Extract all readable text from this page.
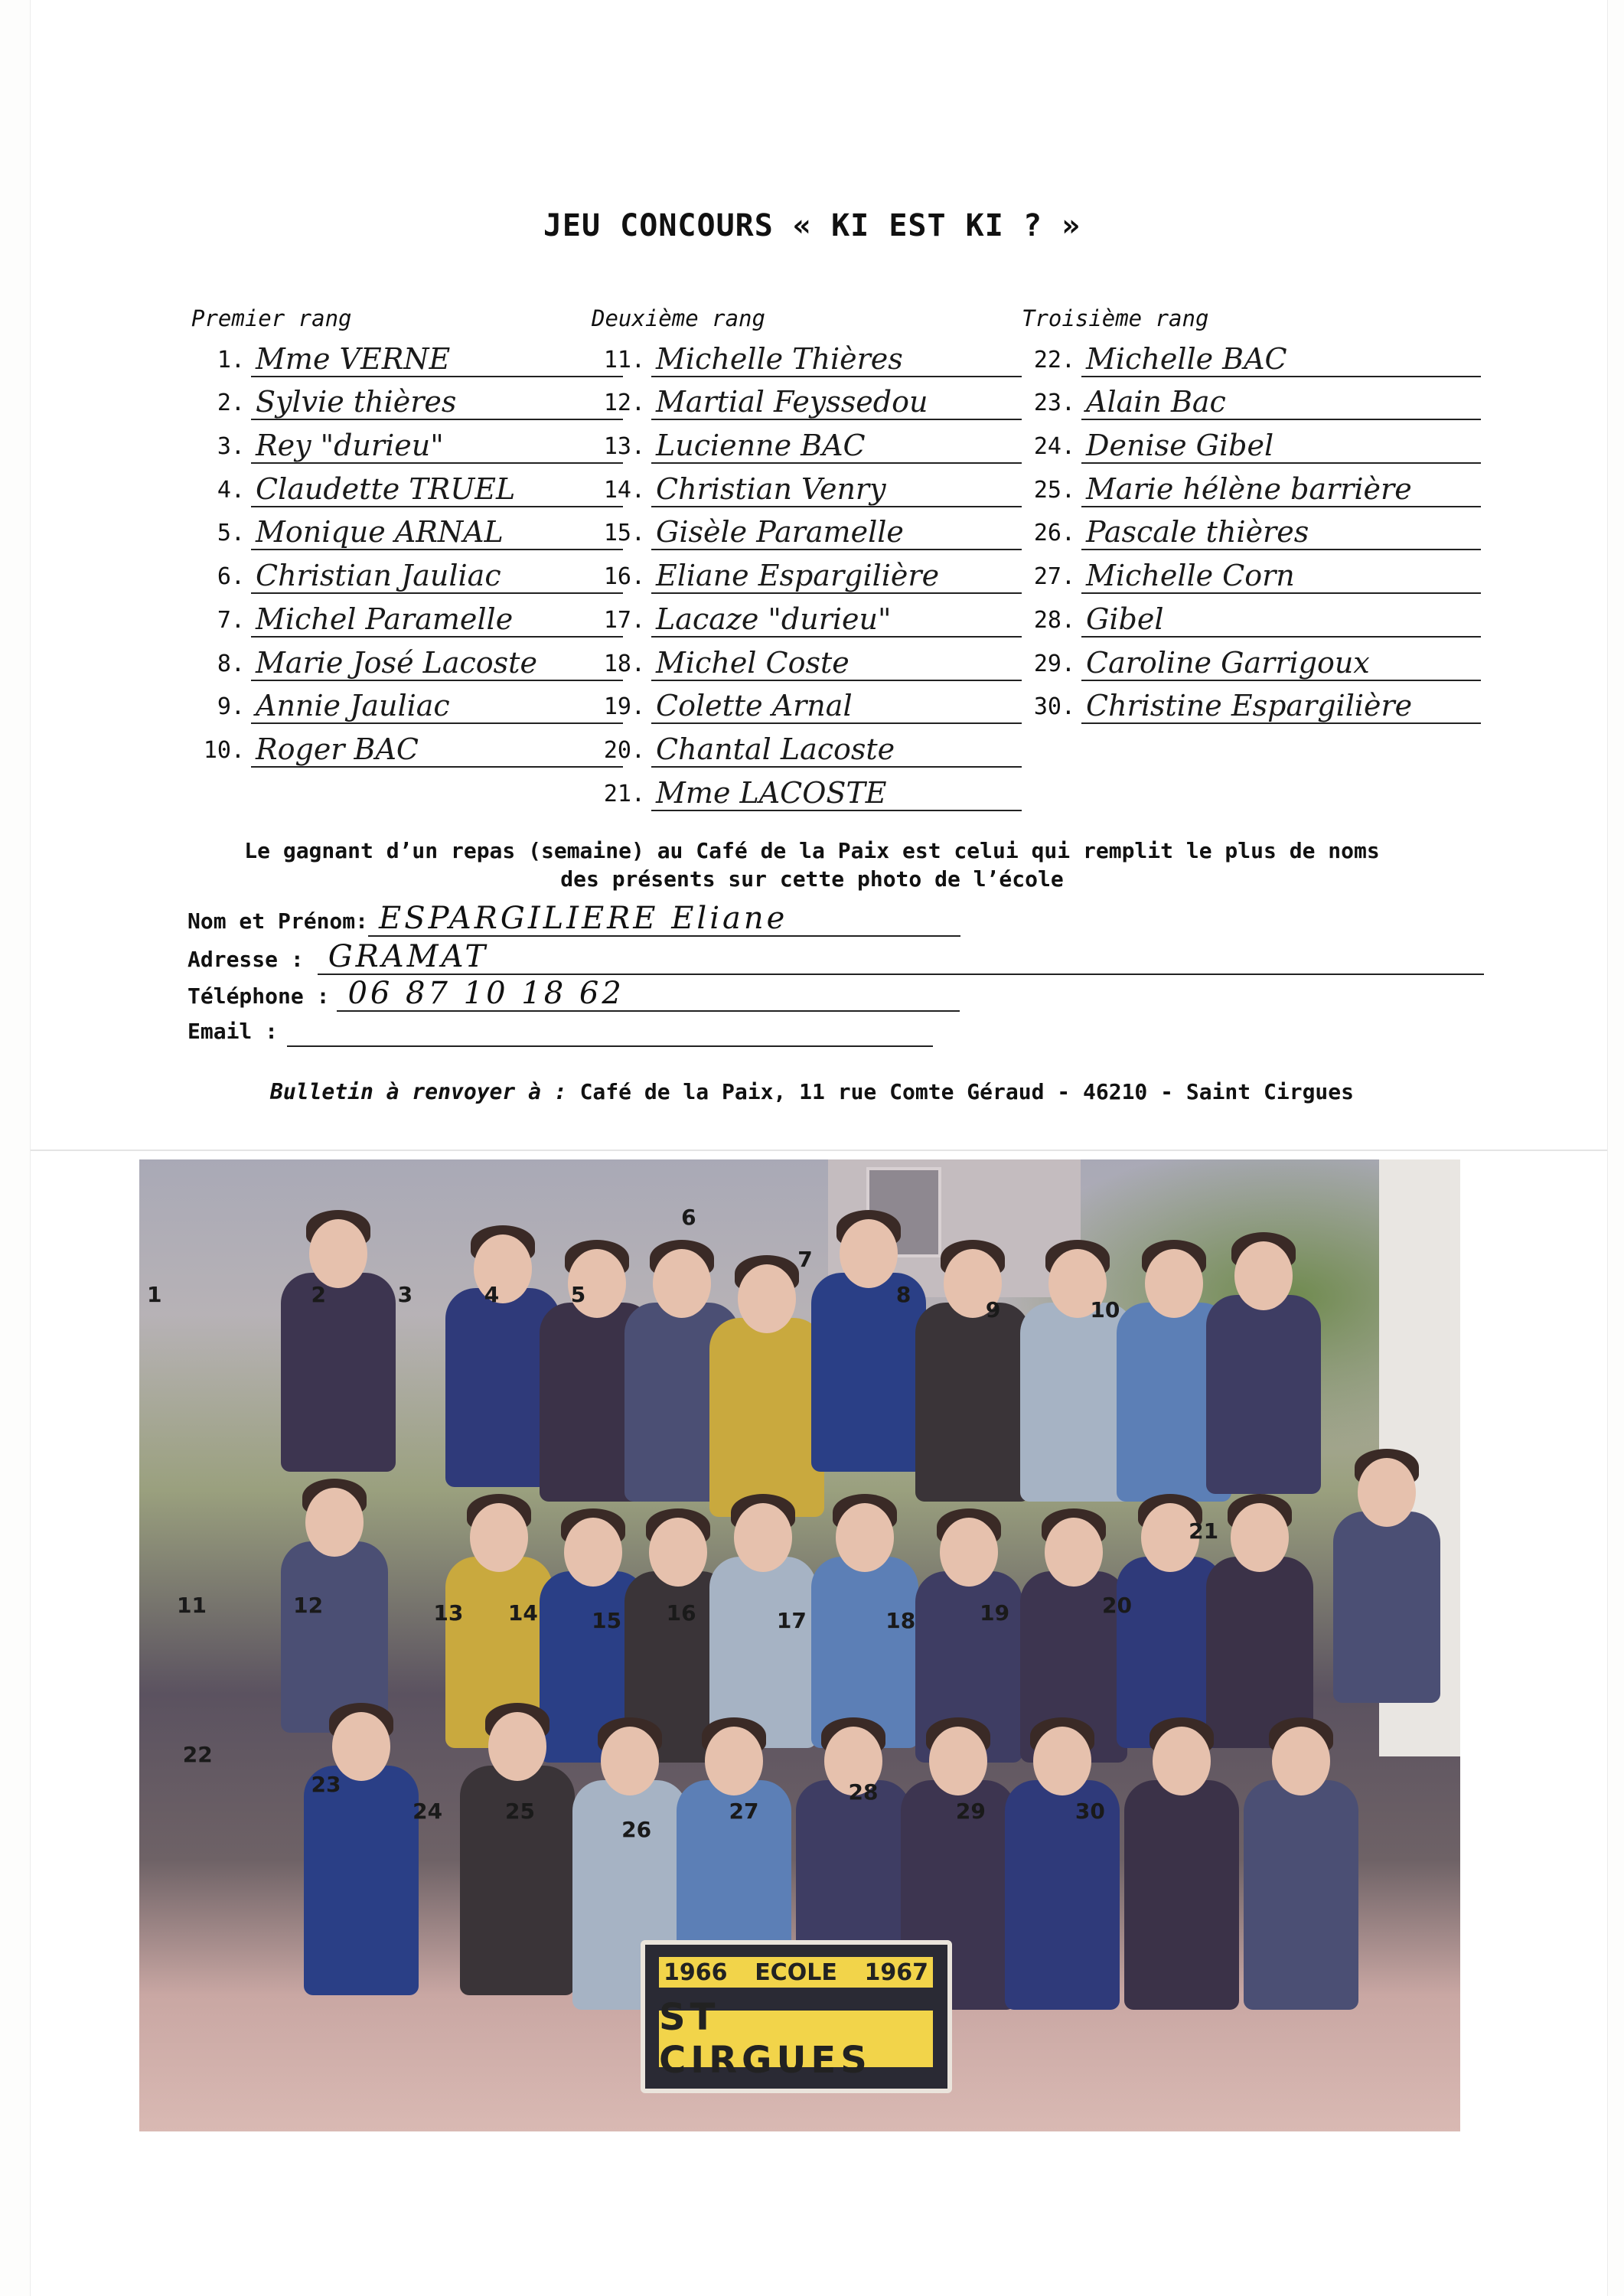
JEU CONCOURS « KI EST KI ? »
Premier rang
1. Mme VERNE
2. Sylvie thières
3. Rey "durieu"
4. Claudette TRUEL
5. Monique ARNAL
6. Christian Jauliac
7. Michel Paramelle
8. Marie José Lacoste
9. Annie Jauliac
10. Roger BAC
Deuxième rang
11. Michelle Thières
12. Martial Feyssedou
13. Lucienne BAC
14. Christian Venry
15. Gisèle Paramelle
16. Eliane Espargilière
17. Lacaze "durieu"
18. Michel Coste
19. Colette Arnal
20. Chantal Lacoste
21. Mme LACOSTE
Troisième rang
22. Michelle BAC
23. Alain Bac
24. Denise Gibel
25. Marie hélène barrière
26. Pascale thières
27. Michelle Corn
28. Gibel
29. Caroline Garrigoux
30. Christine Espargilière
Le gagnant d’un repas (semaine) au Café de la Paix est celui qui remplit le plus de noms
des présents sur cette photo de l’école
Nom et Prénom: ESPARGILIERE Eliane
Adresse : GRAMAT
Téléphone : 06 87 10 18 62
Email :
Bulletin à renvoyer à : Café de la Paix, 11 rue Comte Géraud - 46210 - Saint Cirgues
1	2	3	4	5
6
7
8
9	10
11	12	13 14	15 16	17	18	19	20
21
22
23
24	25
26
27
28
29	30
1966 ECOLE 1967
ST CIRGUES
